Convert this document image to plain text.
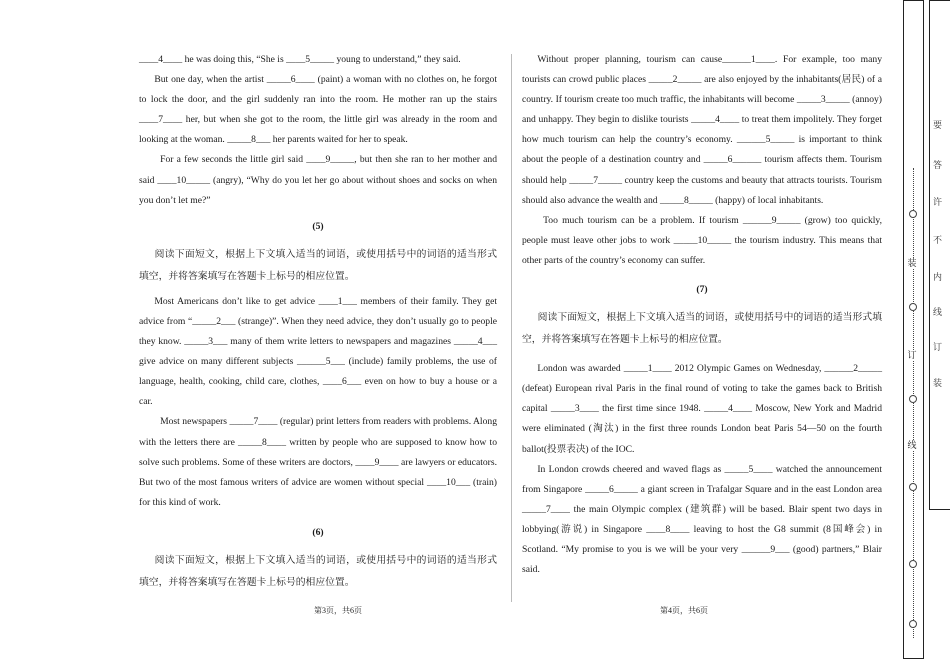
____4____ he was doing this, “She is ____5_____ young to understand,” they said.

But one day, when the artist _____6____ (paint) a woman with no clothes on, he forgot to lock the door, and the girl suddenly ran into the room. He mother ran up the stairs ____7____ her, but when she got to the room, the little girl was already in the room and looking at the woman. _____8___ her parents waited for her to speak.

For a few seconds the little girl said ____9_____, but then she ran to her mother and said ____10_____ (angry), “Why do you let her go about without shoes and socks on when you don’t let me?”

(5)

阅读下面短文，根据上下文填入适当的词语，或使用括号中的词语的适当形式填空，并将答案填写在答题卡上标号的相应位置。

Most Americans don’t like to get advice ____1___ members of their family. They get advice from “_____2___ (strange)”. When they need advice, they don’t usually go to people they know. _____3___ many of them write letters to newspapers and magazines _____4___ give advice on many different subjects ______5___ (include) family problems, the use of language, health, cooking, child care, clothes, ____6___ even on how to buy a house or a car.

Most newspapers _____7____ (regular) print letters from readers with problems. Along with the letters there are _____8____ written by people who are supposed to know how to solve such problems. Some of these writers are doctors, ____9____ are lawyers or educators. But two of the most famous writers of advice are women without special ____10___ (train) for this kind of work.

(6)

阅读下面短文，根据上下文填入适当的词语，或使用括号中的词语的适当形式填空，并将答案填写在答题卡上标号的相应位置。

Without proper planning, tourism can cause______1____. For example, too many tourists can crowd public places _____2_____ are also enjoyed by the inhabitants(居民) of a country. If tourism create too much traffic, the inhabitants will become _____3_____ (annoy) and unhappy. They begin to dislike tourists _____4____ to treat them impolitely. They forget how much tourism can help the country’s economy. ______5_____ is important to think about the people of a destination country and _____6______ tourism affects them. Tourism should help _____7_____ country keep the customs and beauty that attracts tourists. Tourism should also advance the wealth and _____8_____ (happy) of local inhabitants.

Too much tourism can be a problem. If tourism ______9_____ (grow) too quickly, people must leave other jobs to work _____10_____ the tourism industry. This means that other parts of the country’s economy can suffer.

(7)

阅读下面短文，根据上下文填入适当的词语，或使用括号中的词语的适当形式填空，并将答案填写在答题卡上标号的相应位置。

London was awarded _____1____ 2012 Olympic Games on Wednesday, ______2_____ (defeat) European rival Paris in the final round of voting to take the games back to British capital _____3____ the first time since 1948. _____4____ Moscow, New York and Madrid were eliminated (淘汰) in the first three rounds London beat Paris 54—50 on the fourth ballot(投票表决) of the IOC.

In London crowds cheered and waved flags as _____5____ watched the announcement from Singapore _____6_____ a giant screen in Trafalgar Square and in the east London area _____7____ the main Olympic complex (建筑群) will be based. Blair spent two days in lobbying(游说) in Singapore ____8____ leaving to host the G8 summit (8国峰会) in Scotland. “My promise to you is we will be your very ______9___ (good) partners,” Blair said.

第3页，共6页	第4页，共6页
装
订
线
要
答
许
不
内
线
订
装
